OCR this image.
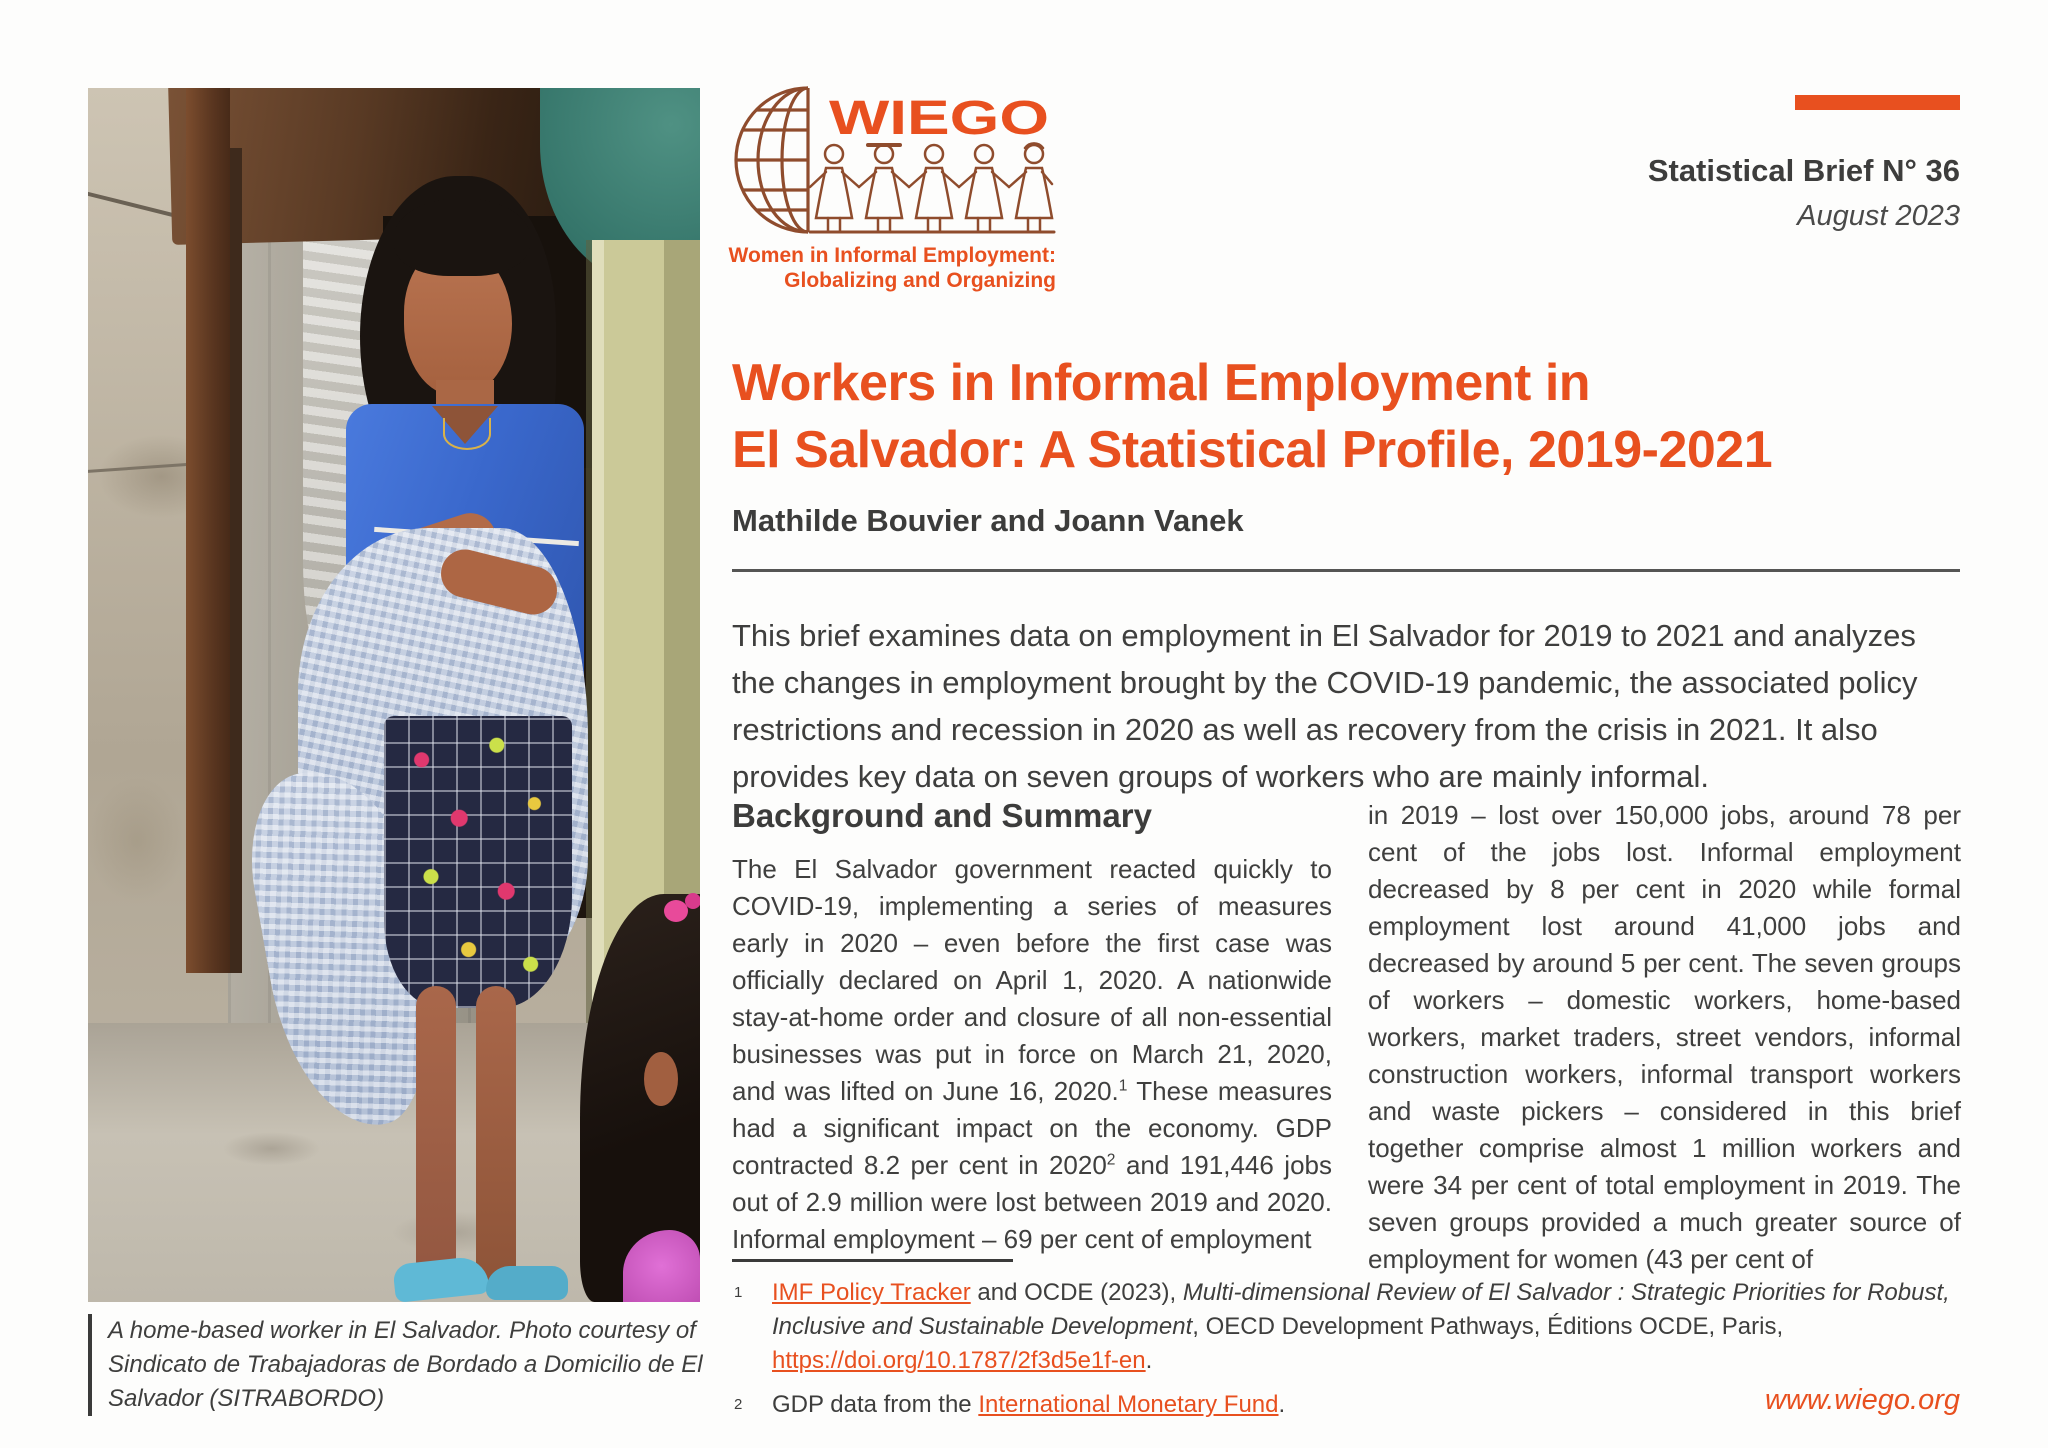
A home-based worker in El Salvador. Photo courtesy of Sindicato de Trabajadoras de Bordado a Domicilio de El Salvador (SITRABORDO)
WIEGO
Women in Informal Employment:
Globalizing and Organizing
Statistical Brief N° 36
August 2023
Workers in Informal Employment in
El Salvador: A Statistical Profile, 2019-2021
Mathilde Bouvier and Joann Vanek
This brief examines data on employment in El Salvador for 2019 to 2021 and analyzes the changes in employment brought by the COVID-19 pandemic, the associated policy restrictions and recession in 2020 as well as recovery from the crisis in 2021. It also provides key data on seven groups of workers who are mainly informal.
Background and Summary
The El Salvador government reacted quickly to COVID-19, implementing a series of measures early in 2020 – even before the first case was officially declared on April 1, 2020. A nationwide stay-at-home order and closure of all non-essential businesses was put in force on March 21, 2020, and was lifted on June 16, 2020.$^1$ These measures had a significant impact on the economy. GDP contracted 8.2 per cent in 2020$^2$ and 191,446 jobs out of 2.9 million were lost between 2019 and 2020. Informal employment – 69 per cent of employment
in 2019 – lost over 150,000 jobs, around 78 per cent of the jobs lost. Informal employment decreased by 8 per cent in 2020 while formal employment lost around 41,000 jobs and decreased by around 5 per cent. The seven groups of workers – domestic workers, home-based workers, market traders, street vendors, informal construction workers, informal transport workers and waste pickers – considered in this brief together comprise almost 1 million workers and were 34 per cent of total employment in 2019. The seven groups provided a much greater source of employment for women (43 per cent of
1 IMF Policy Tracker and OCDE (2023), Multi-dimensional Review of El Salvador : Strategic Priorities for Robust, Inclusive and Sustainable Development, OECD Development Pathways, Éditions OCDE, Paris, https://doi.org/10.1787/2f3d5e1f-en.
2 GDP data from the International Monetary Fund.	www.wiego.org
